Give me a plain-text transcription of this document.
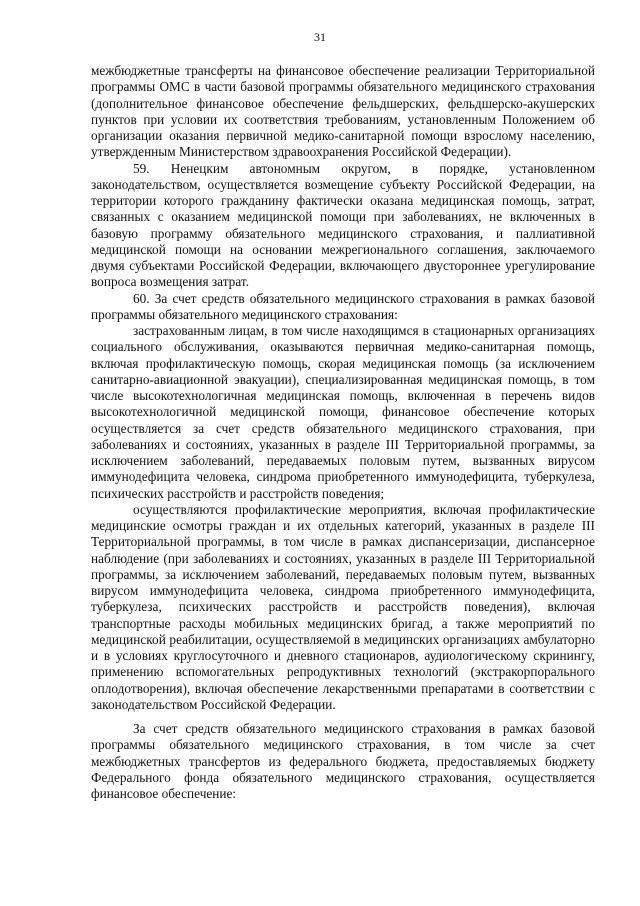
31

межбюджетные трансферты на финансовое обеспечение реализации Территориальной программы ОМС в части базовой программы обязательного медицинского страхования (дополнительное финансовое обеспечение фельдшерских, фельдшерско-акушерских пунктов при условии их соответствия требованиям, установленным Положением об организации оказания первичной медико-санитарной помощи взрослому населению, утвержденным Министерством здравоохранения Российской Федерации).

59. Ненецким автономным округом, в порядке, установленном законодательством, осуществляется возмещение субъекту Российской Федерации, на территории которого гражданину фактически оказана медицинская помощь, затрат, связанных с оказанием медицинской помощи при заболеваниях, не включенных в базовую программу обязательного медицинского страхования, и паллиативной медицинской помощи на основании межрегионального соглашения, заключаемого двумя субъектами Российской Федерации, включающего двустороннее урегулирование вопроса возмещения затрат.

60. За счет средств обязательного медицинского страхования в рамках базовой программы обязательного медицинского страхования:

застрахованным лицам, в том числе находящимся в стационарных организациях социального обслуживания, оказываются первичная медико-санитарная помощь, включая профилактическую помощь, скорая медицинская помощь (за исключением санитарно-авиационной эвакуации), специализированная медицинская помощь, в том числе высокотехнологичная медицинская помощь, включенная в перечень видов высокотехнологичной медицинской помощи, финансовое обеспечение которых осуществляется за счет средств обязательного медицинского страхования, при заболеваниях и состояниях, указанных в разделе III Территориальной программы, за исключением заболеваний, передаваемых половым путем, вызванных вирусом иммунодефицита человека, синдрома приобретенного иммунодефицита, туберкулеза, психических расстройств и расстройств поведения;

осуществляются профилактические мероприятия, включая профилактические медицинские осмотры граждан и их отдельных категорий, указанных в разделе III Территориальной программы, в том числе в рамках диспансеризации, диспансерное наблюдение (при заболеваниях и состояниях, указанных в разделе III Территориальной программы, за исключением заболеваний, передаваемых половым путем, вызванных вирусом иммунодефицита человека, синдрома приобретенного иммунодефицита, туберкулеза, психических расстройств и расстройств поведения), включая транспортные расходы мобильных медицинских бригад, а также мероприятий по медицинской реабилитации, осуществляемой в медицинских организациях амбулаторно и в условиях круглосуточного и дневного стационаров, аудиологическому скринингу, применению вспомогательных репродуктивных технологий (экстракорпорального оплодотворения), включая обеспечение лекарственными препаратами в соответствии с законодательством Российской Федерации.

За счет средств обязательного медицинского страхования в рамках базовой программы обязательного медицинского страхования, в том числе за счет межбюджетных трансфертов из федерального бюджета, предоставляемых бюджету Федерального фонда обязательного медицинского страхования, осуществляется финансовое обеспечение:
